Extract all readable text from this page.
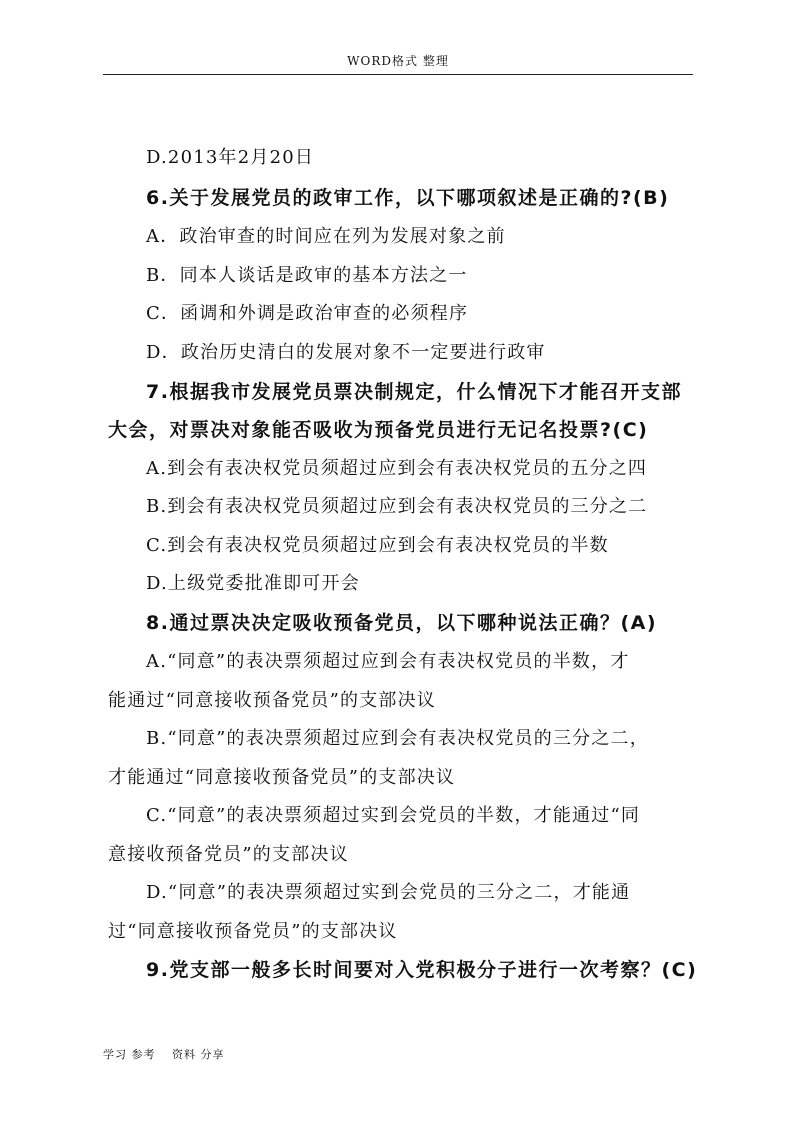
WORD格式 整理
D.2013年2月20日
6.关于发展党员的政审工作，以下哪项叙述是正确的?(B)
A．政治审查的时间应在列为发展对象之前
B．同本人谈话是政审的基本方法之一
C．函调和外调是政治审查的必须程序
D．政治历史清白的发展对象不一定要进行政审
7.根据我市发展党员票决制规定，什么情况下才能召开支部
大会，对票决对象能否吸收为预备党员进行无记名投票?(C)
A.到会有表决权党员须超过应到会有表决权党员的五分之四
B.到会有表决权党员须超过应到会有表决权党员的三分之二
C.到会有表决权党员须超过应到会有表决权党员的半数
D.上级党委批准即可开会
8.通过票决决定吸收预备党员，以下哪种说法正确？(A)
A.“同意”的表决票须超过应到会有表决权党员的半数，才
能通过“同意接收预备党员”的支部决议
B.“同意”的表决票须超过应到会有表决权党员的三分之二，
才能通过“同意接收预备党员”的支部决议
C.“同意”的表决票须超过实到会党员的半数，才能通过“同
意接收预备党员”的支部决议
D.“同意”的表决票须超过实到会党员的三分之二，才能通
过“同意接收预备党员”的支部决议
9.党支部一般多长时间要对入党积极分子进行一次考察？(C)
学习 参考 资料 分享
